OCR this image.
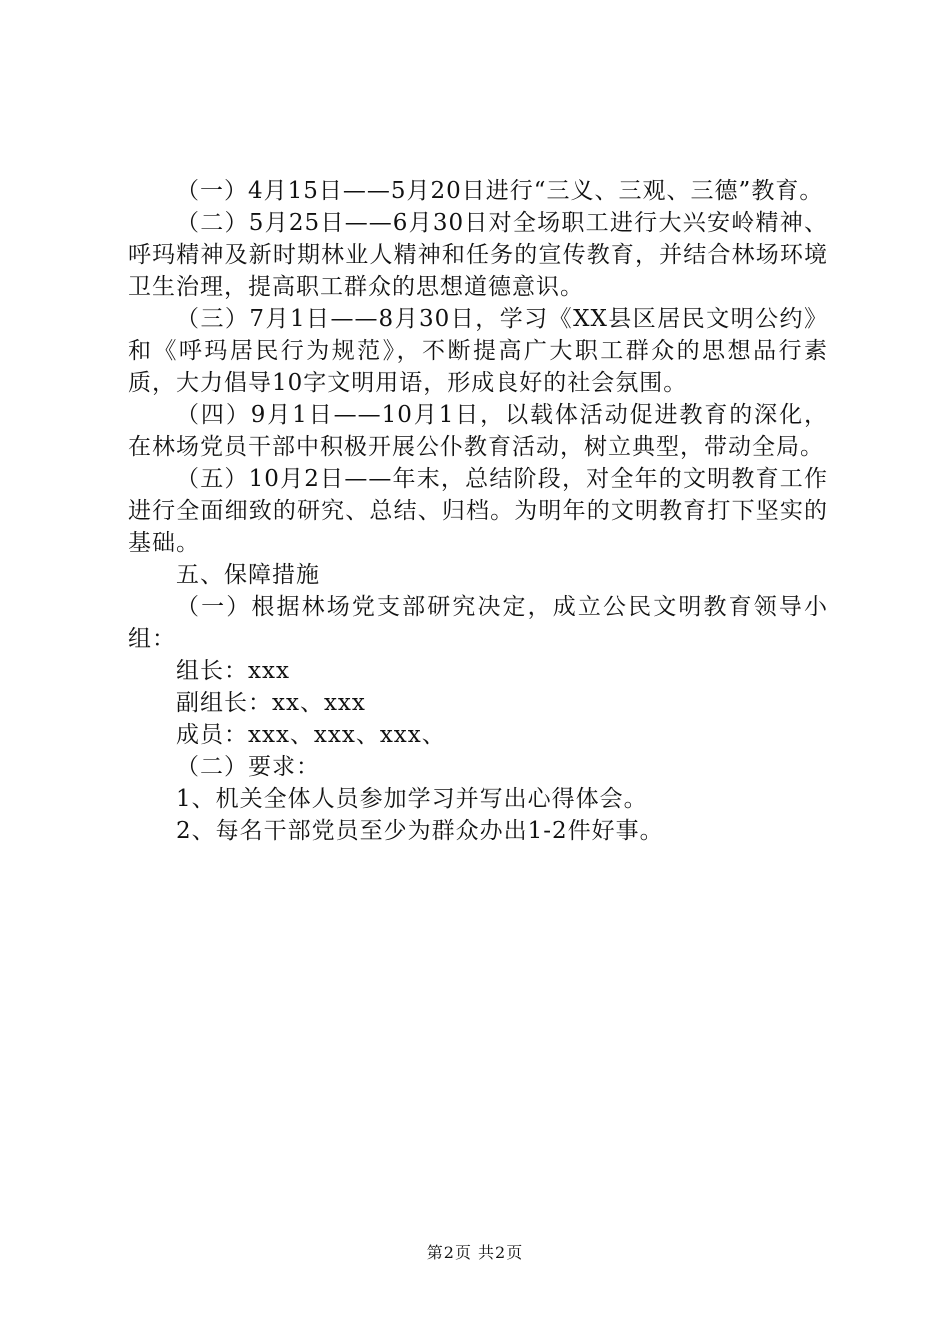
（一）4月15日——5月20日进行“三义、三观、三德”教育。

（二）5月25日——6月30日对全场职工进行大兴安岭精神、呼玛精神及新时期林业人精神和任务的宣传教育，并结合林场环境卫生治理，提高职工群众的思想道德意识。

（三）7月1日——8月30日，学习《XX县区居民文明公约》和《呼玛居民行为规范》，不断提高广大职工群众的思想品行素质，大力倡导10字文明用语，形成良好的社会氛围。

（四）9月1日——10月1日，以载体活动促进教育的深化，在林场党员干部中积极开展公仆教育活动，树立典型，带动全局。

（五）10月2日——年末，总结阶段，对全年的文明教育工作进行全面细致的研究、总结、归档。为明年的文明教育打下坚实的基础。

五、保障措施

（一）根据林场党支部研究决定，成立公民文明教育领导小组：

组长：xxx

副组长：xx、xxx

成员：xxx、xxx、xxx、

（二）要求：

1、机关全体人员参加学习并写出心得体会。

2、每名干部党员至少为群众办出1-2件好事。

第2页 共2页
